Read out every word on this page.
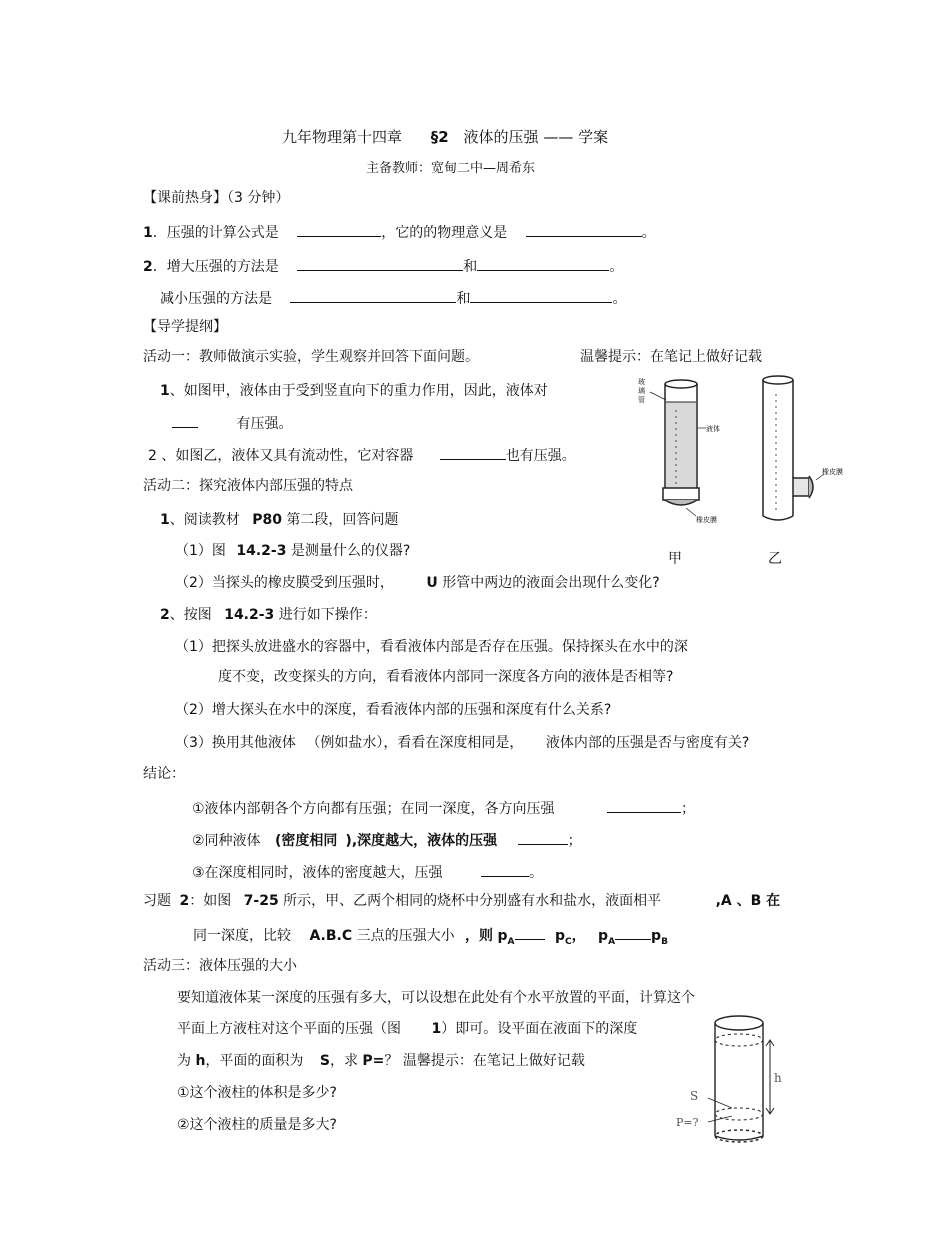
九年物理第十四章 §2 液体的压强 —— 学案
主备教师：宽甸二中—周希东
【课前热身】（3 分钟）
1．压强的计算公式是	，它的的物理意义是	。
2．增大压强的方法是	和	。
减小压强的方法是	和	。
【导学提纲】
活动一：教师做演示实验，学生观察并回答下面问题。	温馨提示：在笔记上做好记载
1、如图甲，液体由于受到竖直向下的重力作用，因此，液体对
有压强。
2 、如图乙，液体又具有流动性，它对容器	也有压强。
活动二：探究液体内部压强的特点
1、阅读教材 P80 第二段，回答问题
（1）图 14.2-3 是测量什么的仪器?
（2）当探头的橡皮膜受到压强时， U 形管中两边的液面会出现什么变化?
2、按图 14.2-3 进行如下操作：
（1）把探头放进盛水的容器中，看看液体内部是否存在压强。保持探头在水中的深
度不变，改变探头的方向，看看液体内部同一深度各方向的液体是否相等?
（2）增大探头在水中的深度，看看液体内部的压强和深度有什么关系?
（3）换用其他液体 （例如盐水），看看在深度相同是， 液体内部的压强是否与密度有关?
结论：
①液体内部朝各个方向都有压强；在同一深度，各方向压强	；
②同种液体 (密度相同 ),深度越大，液体的压强	；
③在深度相同时，液体的密度越大，压强	。
习题 2：如图 7-25 所示，甲、乙两个相同的烧杯中分别盛有水和盐水，液面相平	,A 、B 在
同一深度，比较 A.B.C 三点的压强大小 ，则 $p_A$	$p_C$， $p_A$	$p_B$
活动三：液体压强的大小
要知道液体某一深度的压强有多大，可以设想在此处有个水平放置的平面，计算这个
平面上方液柱对这个平面的压强（图 1）即可。设平面在液面下的深度
为 h，平面的面积为 S，求 P=？ 温馨提示：在笔记上做好记载
①这个液柱的体积是多少?
②这个液柱的质量是多大?
玻
璃
管
液体
橡皮膜
橡皮膜
甲	乙
S
P=?
h
